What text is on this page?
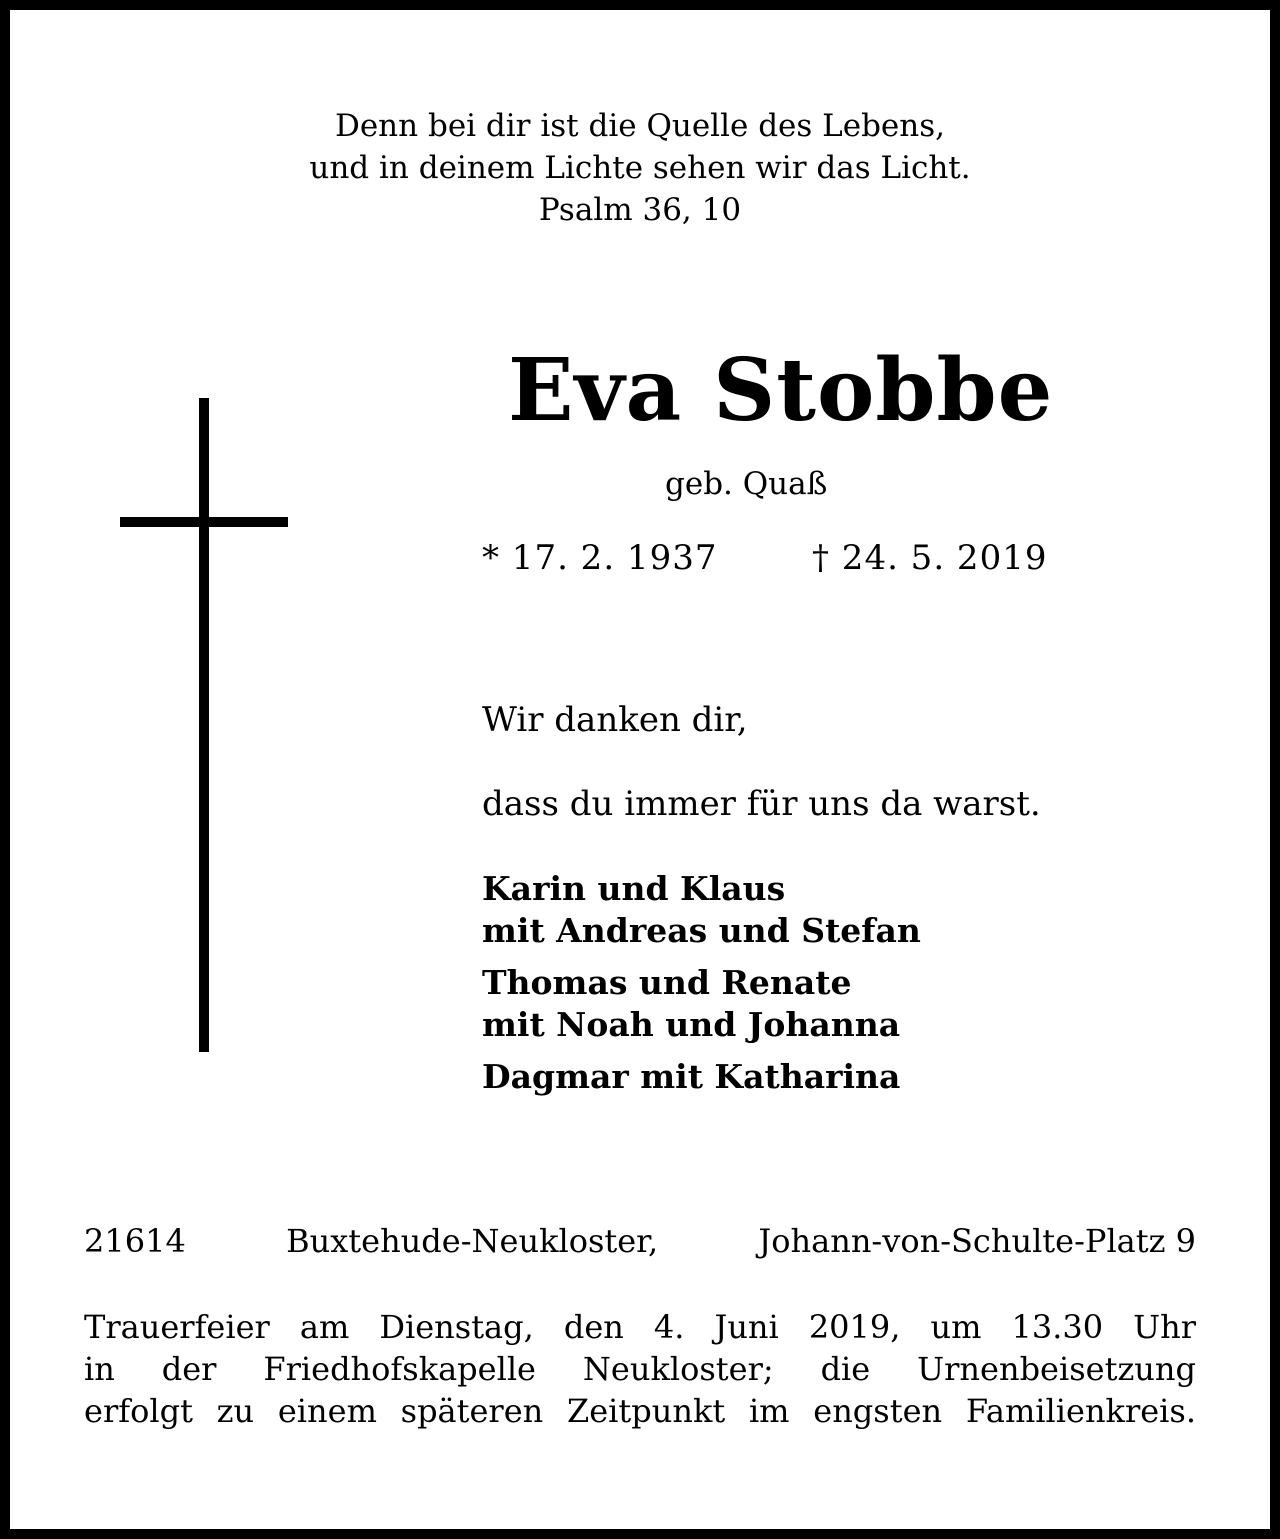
Denn bei dir ist die Quelle des Lebens,
und in deinem Lichte sehen wir das Licht.
Psalm 36, 10
Eva Stobbe
geb. Quaß
* 17. 2. 1937	† 24. 5. 2019
Wir danken dir,
dass du immer für uns da warst.
Karin und Klaus
mit Andreas und Stefan
Thomas und Renate
mit Noah und Johanna
Dagmar mit Katharina
21614	Buxtehude-Neukloster,	Johann-von-Schulte-Platz 9
Trauerfeier am Dienstag, den 4. Juni 2019, um 13.30 Uhr
in der Friedhofskapelle Neukloster; die Urnenbeisetzung
erfolgt zu einem späteren Zeitpunkt im engsten Familienkreis.
